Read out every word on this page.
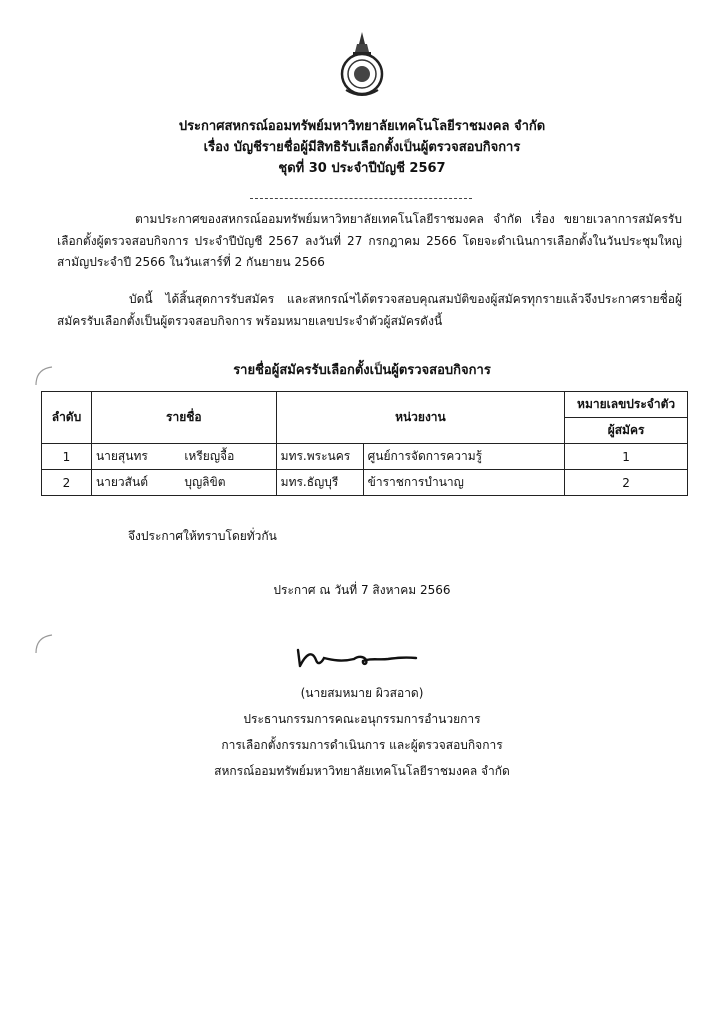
ประกาศสหกรณ์ออมทรัพย์มหาวิทยาลัยเทคโนโลยีราชมงคล จำกัด
เรื่อง บัญชีรายชื่อผู้มีสิทธิรับเลือกตั้งเป็นผู้ตรวจสอบกิจการ
ชุดที่ 30 ประจำปีบัญชี 2567
ตามประกาศของสหกรณ์ออมทรัพย์มหาวิทยาลัยเทคโนโลยีราชมงคล จำกัด เรื่อง ขยายเวลาการสมัครรับเลือกตั้งผู้ตรวจสอบกิจการ ประจำปีบัญชี 2567 ลงวันที่ 27 กรกฎาคม 2566 โดยจะดำเนินการเลือกตั้งในวันประชุมใหญ่สามัญประจำปี 2566 ในวันเสาร์ที่ 2 กันยายน 2566
บัดนี้ ได้สิ้นสุดการรับสมัคร และสหกรณ์ฯได้ตรวจสอบคุณสมบัติของผู้สมัครทุกรายแล้วจึงประกาศรายชื่อผู้สมัครรับเลือกตั้งเป็นผู้ตรวจสอบกิจการ พร้อมหมายเลขประจำตัวผู้สมัครดังนี้
รายชื่อผู้สมัครรับเลือกตั้งเป็นผู้ตรวจสอบกิจการ
ลำดับ	รายชื่อ		หน่วยงาน		หมายเลขประจำตัว
					ผู้สมัคร
1	นายสุนทร	เหรียญจื้อ	มทร.พระนคร	ศูนย์การจัดการความรู้	1
2	นายวสันต์	บุญลิขิต	มทร.ธัญบุรี	ข้าราชการบำนาญ	2
จึงประกาศให้ทราบโดยทั่วกัน
ประกาศ ณ วันที่ 7 สิงหาคม 2566
(นายสมหมาย ผิวสอาด)
ประธานกรรมการคณะอนุกรรมการอำนวยการ
การเลือกตั้งกรรมการดำเนินการ และผู้ตรวจสอบกิจการ
สหกรณ์ออมทรัพย์มหาวิทยาลัยเทคโนโลยีราชมงคล จำกัด
